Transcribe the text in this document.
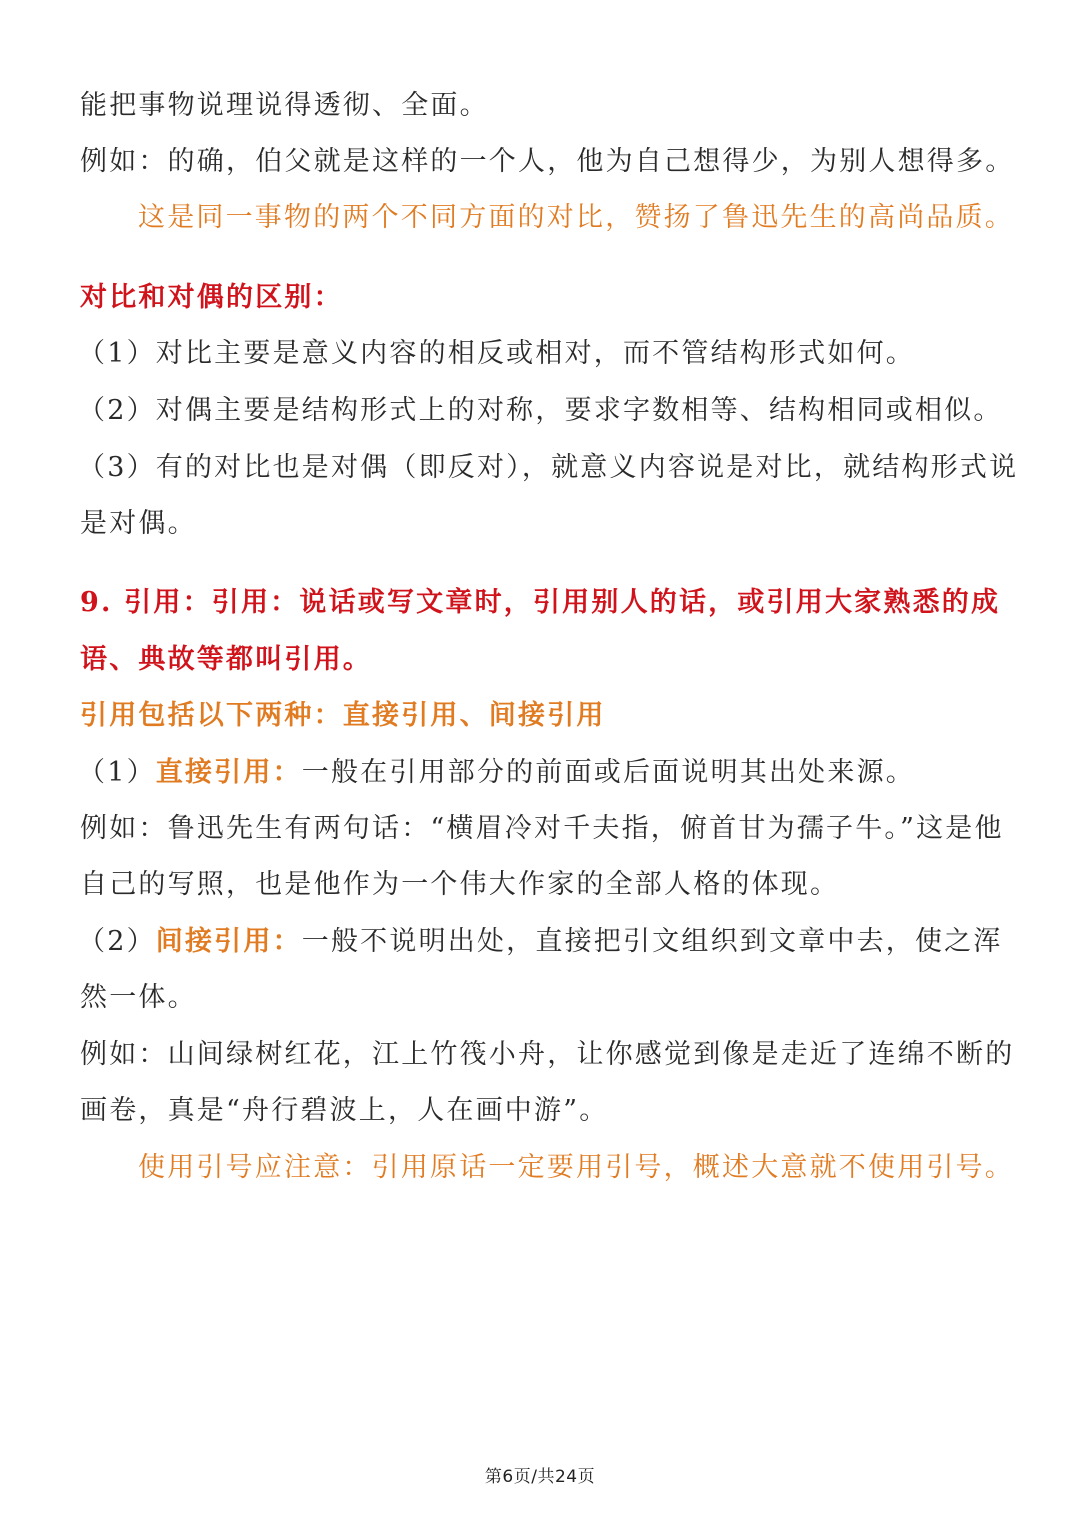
能把事物说理说得透彻、全面。
例如：的确，伯父就是这样的一个人，他为自己想得少，为别人想得多。
这是同一事物的两个不同方面的对比，赞扬了鲁迅先生的高尚品质。
对比和对偶的区别：
（1）对比主要是意义内容的相反或相对，而不管结构形式如何。
（2）对偶主要是结构形式上的对称，要求字数相等、结构相同或相似。
（3）有的对比也是对偶（即反对），就意义内容说是对比，就结构形式说
是对偶。
9. 引用：引用：说话或写文章时，引用别人的话，或引用大家熟悉的成
语、典故等都叫引用。
引用包括以下两种：直接引用、间接引用
（1）直接引用：一般在引用部分的前面或后面说明其出处来源。
例如：鲁迅先生有两句话：“横眉冷对千夫指，俯首甘为孺子牛。”这是他
自己的写照，也是他作为一个伟大作家的全部人格的体现。
（2）间接引用：一般不说明出处，直接把引文组织到文章中去，使之浑
然一体。
例如：山间绿树红花，江上竹筏小舟，让你感觉到像是走近了连绵不断的
画卷，真是“舟行碧波上，人在画中游”。
使用引号应注意：引用原话一定要用引号，概述大意就不使用引号。
第6页/共24页
